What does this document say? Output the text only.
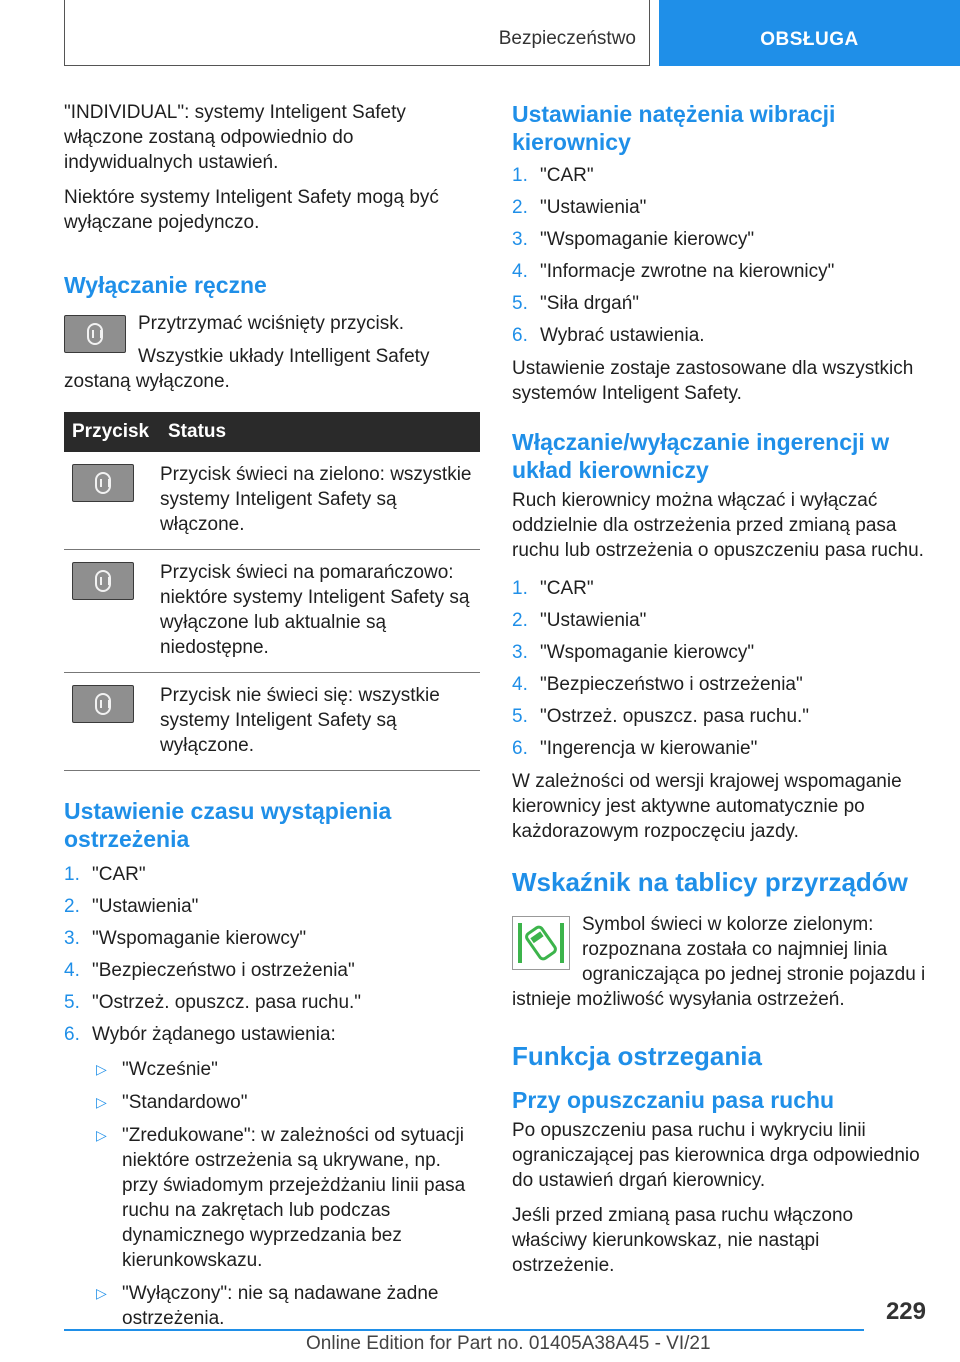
Bezpieczeństwo	OBSŁUGA

"INDIVIDUAL": systemy Inteligent Safety włączone zostaną odpowiednio do indywidualnych ustawień.

Niektóre systemy Inteligent Safety mogą być wyłączane pojedynczo.

Wyłączanie ręczne

Przytrzymać wciśnięty przycisk.

Wszystkie układy Intelligent Safety zostaną wyłączone.

Przycisk	Status

	Przycisk świeci na zielono: wszystkie systemy Inteligent Safety są włączone.

	Przycisk świeci na pomarańczowo: niektóre systemy Inteligent Safety są wyłączone lub aktualnie są niedostępne.

	Przycisk nie świeci się: wszystkie systemy Inteligent Safety są wyłączone.
Ustawienie czasu wystąpienia ostrzeżenia
1. "CAR"
2. "Ustawienia"
3. "Wspomaganie kierowcy"
4. "Bezpieczeństwo i ostrzeżenia"
5. "Ostrzeż. opuszcz. pasa ruchu."
6. Wybór żądanego ustawienia:
▷ "Wcześnie"
▷ "Standardowo"
▷ "Zredukowane": w zależności od sytuacji niektóre ostrzeżenia są ukrywane, np. przy świadomym przejeżdżaniu linii pasa ruchu na zakrętach lub podczas dynamicznego wyprzedzania bez kierunkowskazu.
▷ "Wyłączony": nie są nadawane żadne ostrzeżenia.
Ustawianie natężenia wibracji kierownicy
1. "CAR"
2. "Ustawienia"
3. "Wspomaganie kierowcy"
4. "Informacje zwrotne na kierownicy"
5. "Siła drgań"
6. Wybrać ustawienia.

Ustawienie zostaje zastosowane dla wszystkich systemów Inteligent Safety.

Włączanie/wyłączanie ingerencji w układ kierowniczy

Ruch kierownicy można włączać i wyłączać oddzielnie dla ostrzeżenia przed zmianą pasa ruchu lub ostrzeżenia o opuszczeniu pasa ruchu.

1. "CAR"
2. "Ustawienia"
3. "Wspomaganie kierowcy"
4. "Bezpieczeństwo i ostrzeżenia"
5. "Ostrzeż. opuszcz. pasa ruchu."
6. "Ingerencja w kierowanie"

W zależności od wersji krajowej wspomaganie kierownicy jest aktywne automatycznie po każdorazowym rozpoczęciu jazdy.

Wskaźnik na tablicy przyrządów

Symbol świeci w kolorze zielonym: rozpoznana została co najmniej linia ograniczająca po jednej stronie pojazdu i istnieje możliwość wysyłania ostrzeżeń.

Funkcja ostrzegania
Przy opuszczaniu pasa ruchu

Po opuszczeniu pasa ruchu i wykryciu linii ograniczającej pas kierownica drga odpowiednio do ustawień drgań kierownicy.

Jeśli przed zmianą pasa ruchu włączono właściwy kierunkowskaz, nie nastąpi ostrzeżenie.

229
Online Edition for Part no. 01405A38A45 - VI/21
